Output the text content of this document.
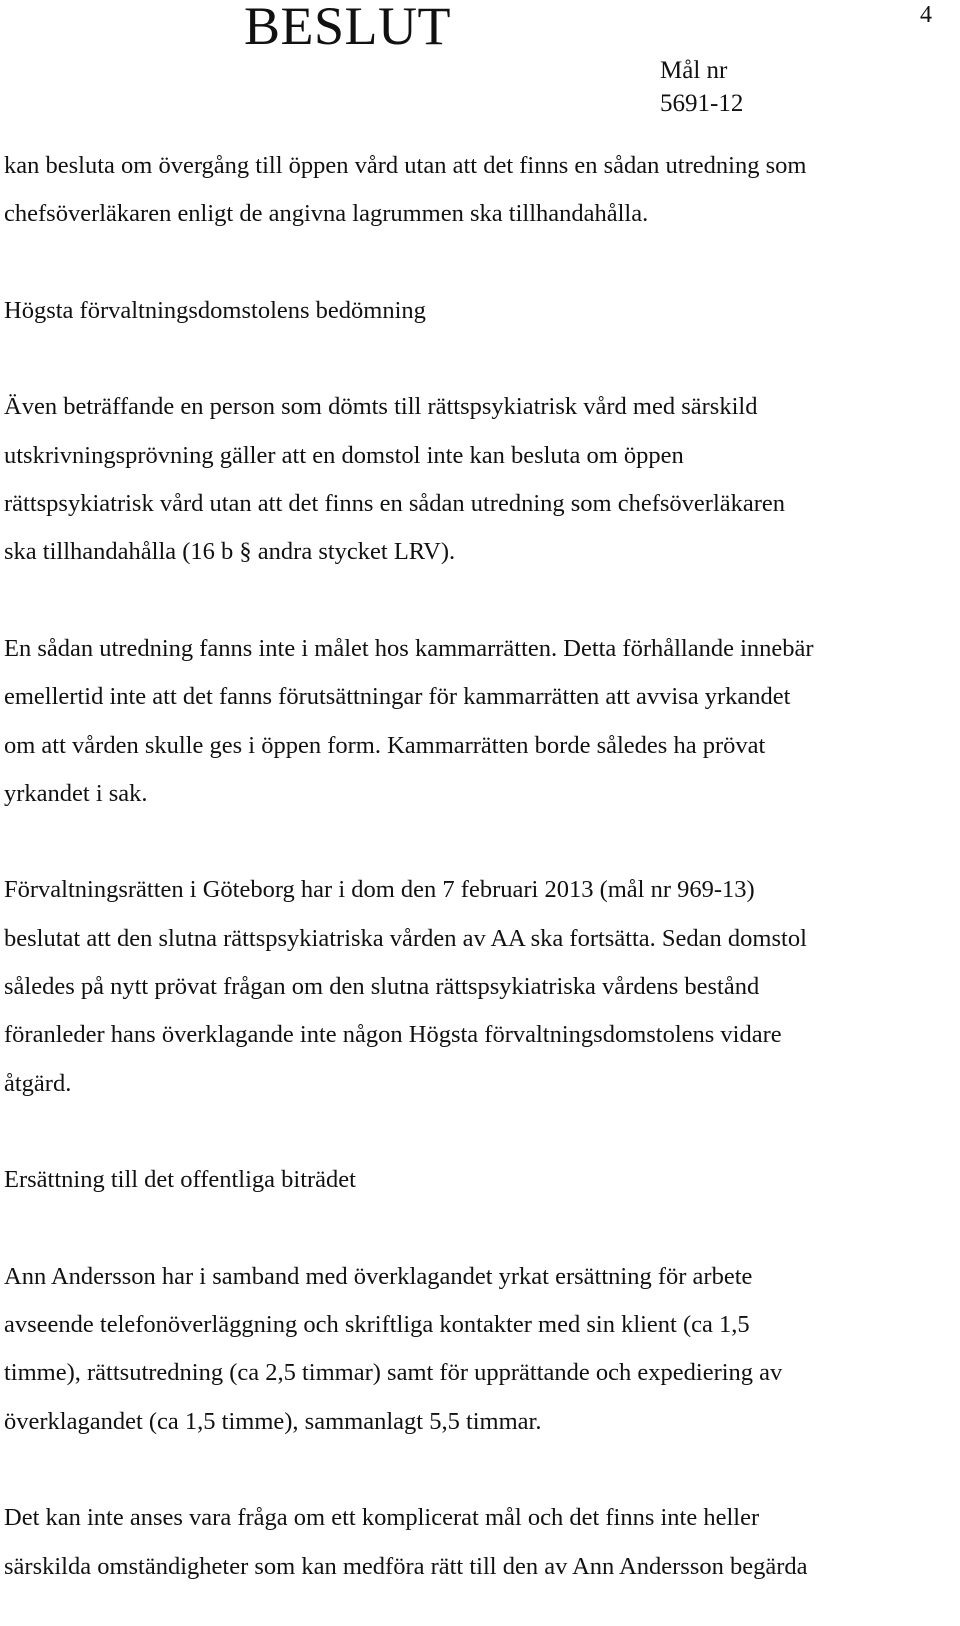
BESLUT	4
Mål nr
5691-12

kan besluta om övergång till öppen vård utan att det finns en sådan utredning som
chefsöverläkaren enligt de angivna lagrummen ska tillhandahålla.

Högsta förvaltningsdomstolens bedömning

Även beträffande en person som dömts till rättspsykiatrisk vård med särskild
utskrivningsprövning gäller att en domstol inte kan besluta om öppen
rättspsykiatrisk vård utan att det finns en sådan utredning som chefsöverläkaren
ska tillhandahålla (16 b § andra stycket LRV).

En sådan utredning fanns inte i målet hos kammarrätten. Detta förhållande innebär
emellertid inte att det fanns förutsättningar för kammarrätten att avvisa yrkandet
om att vården skulle ges i öppen form. Kammarrätten borde således ha prövat
yrkandet i sak.

Förvaltningsrätten i Göteborg har i dom den 7 februari 2013 (mål nr 969-13)
beslutat att den slutna rättspsykiatriska vården av AA ska fortsätta. Sedan domstol
således på nytt prövat frågan om den slutna rättspsykiatriska vårdens bestånd
föranleder hans överklagande inte någon Högsta förvaltningsdomstolens vidare
åtgärd.

Ersättning till det offentliga biträdet

Ann Andersson har i samband med överklagandet yrkat ersättning för arbete
avseende telefonöverläggning och skriftliga kontakter med sin klient (ca 1,5
timme), rättsutredning (ca 2,5 timmar) samt för upprättande och expediering av
överklagandet (ca 1,5 timme), sammanlagt 5,5 timmar.

Det kan inte anses vara fråga om ett komplicerat mål och det finns inte heller
särskilda omständigheter som kan medföra rätt till den av Ann Andersson begärda
